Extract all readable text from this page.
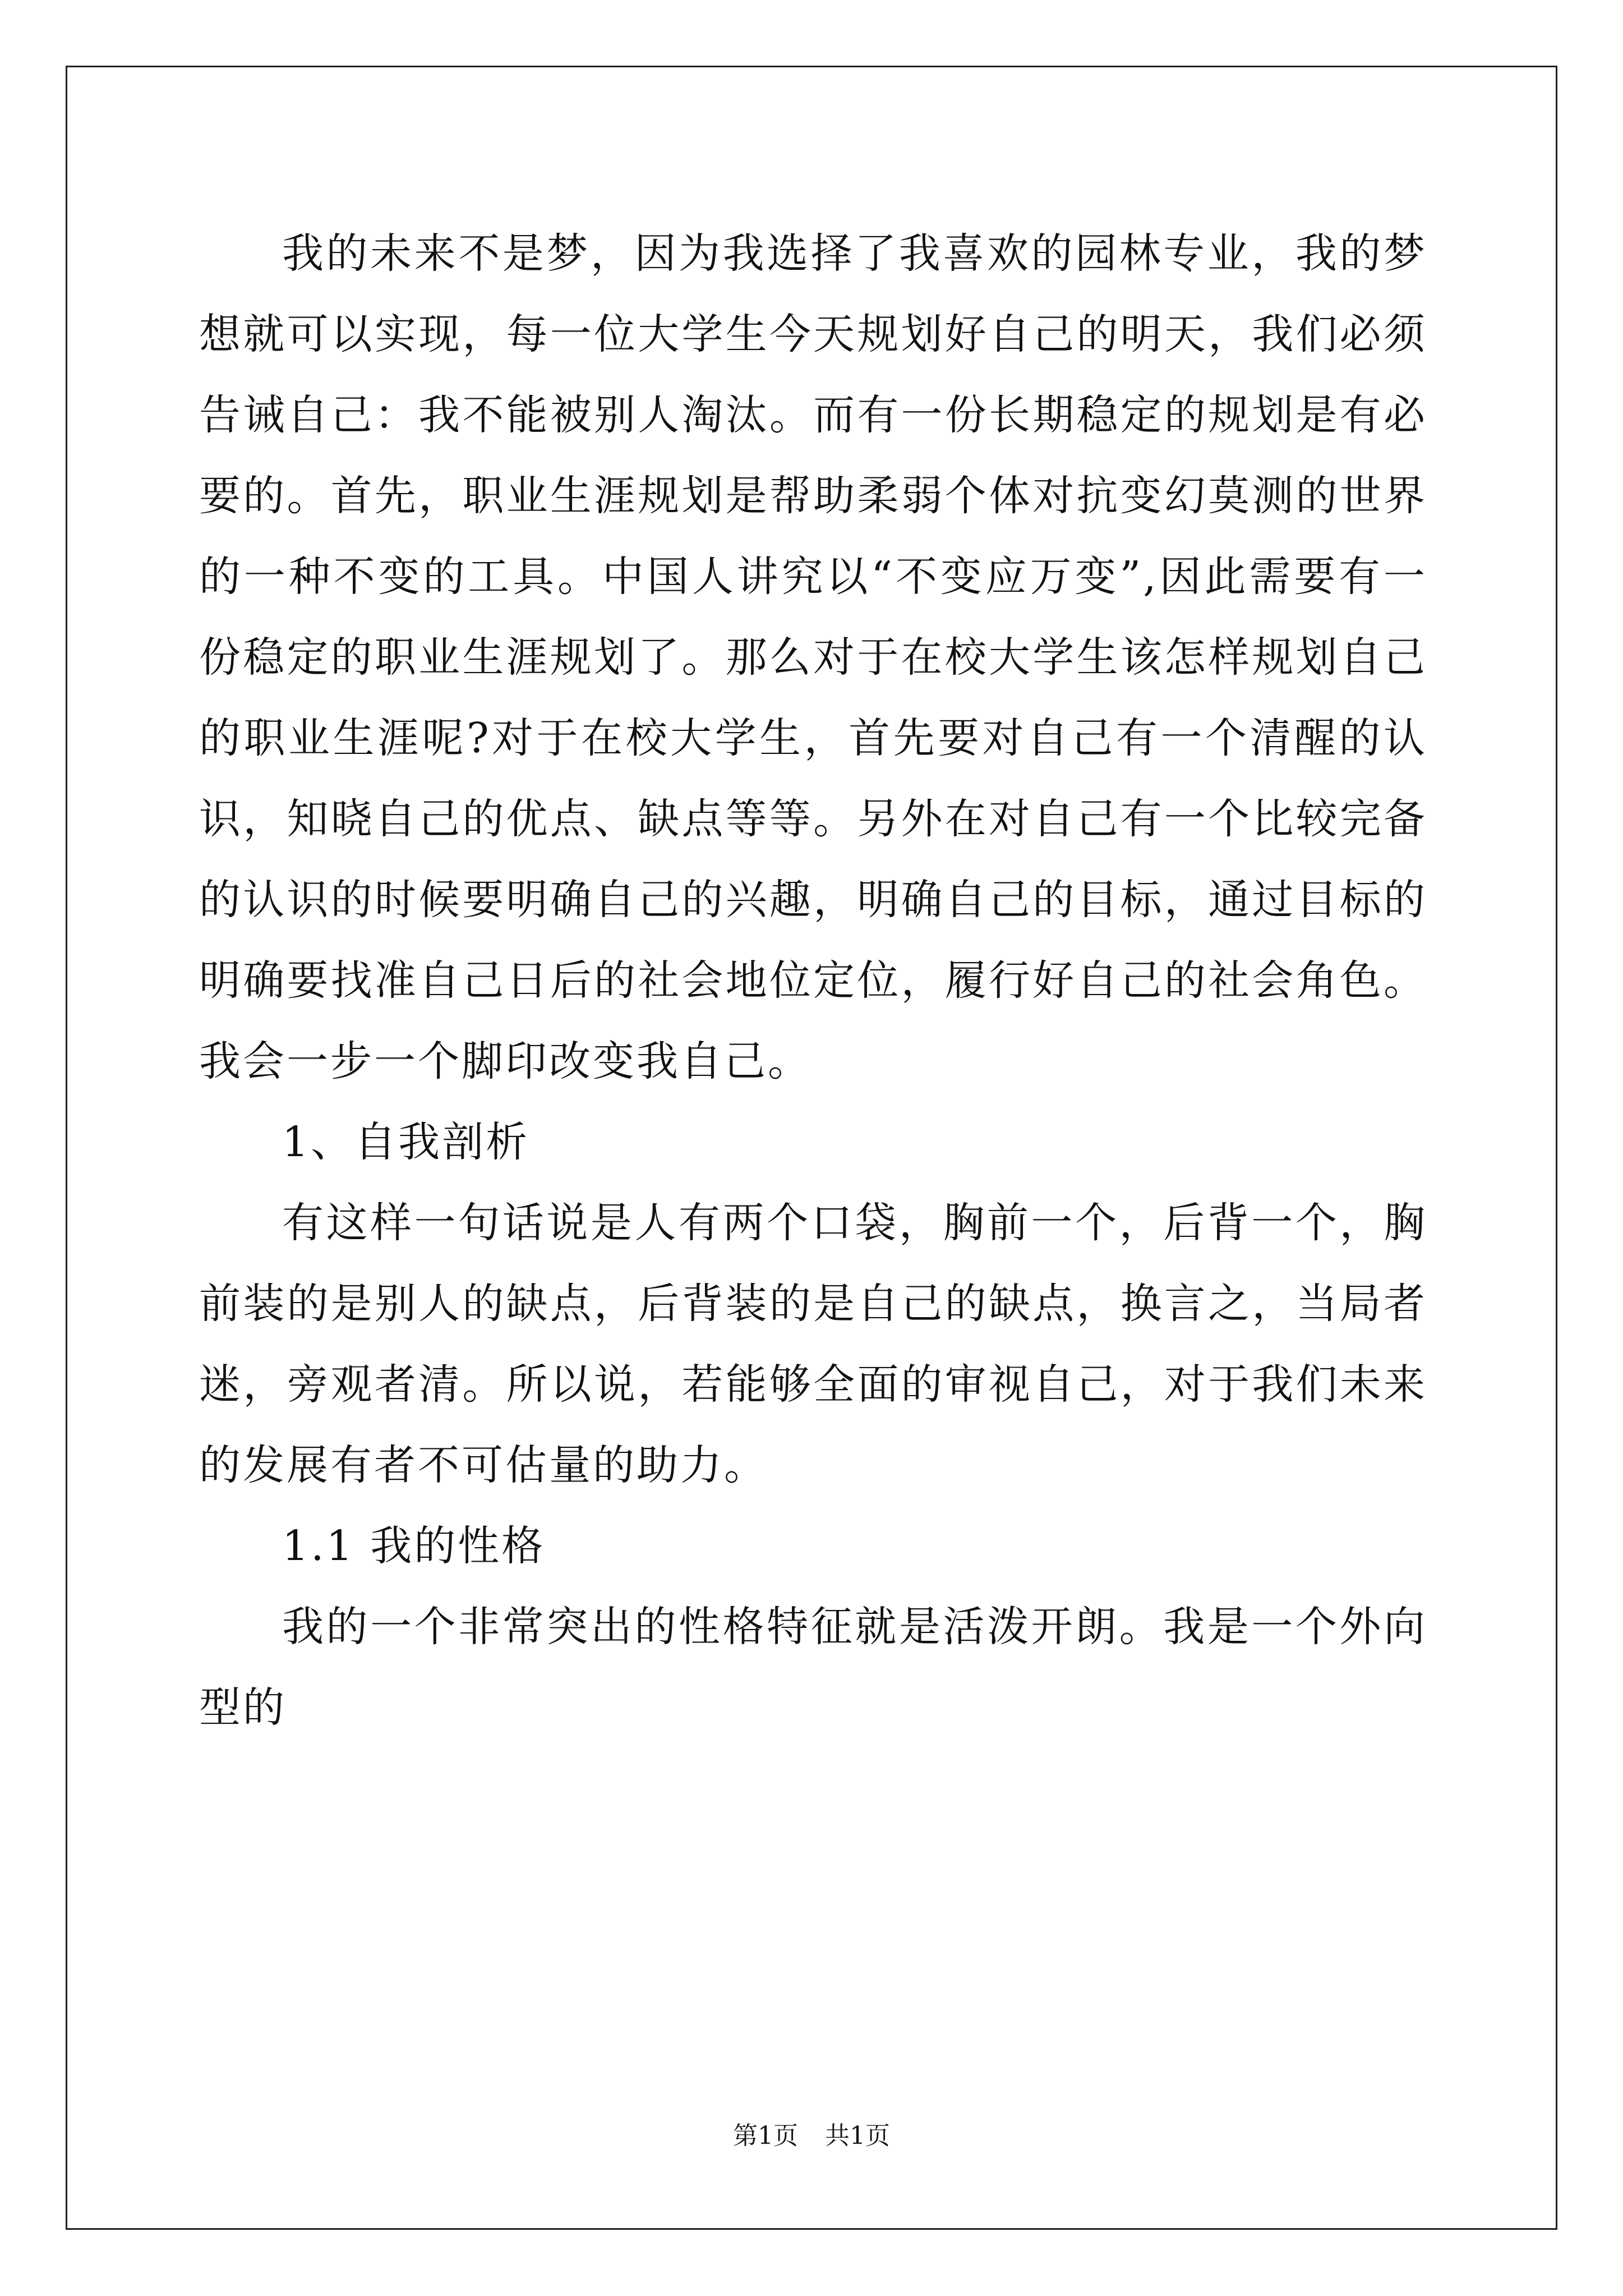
我的未来不是梦，因为我选择了我喜欢的园林专业，我的梦想就可以实现，每一位大学生今天规划好自己的明天，我们必须告诫自己：我不能被别人淘汰。而有一份长期稳定的规划是有必要的。首先，职业生涯规划是帮助柔弱个体对抗变幻莫测的世界的一种不变的工具。中国人讲究以“不变应万变”,因此需要有一份稳定的职业生涯规划了。那么对于在校大学生该怎样规划自己的职业生涯呢?对于在校大学生，首先要对自己有一个清醒的认识，知晓自己的优点、缺点等等。另外在对自己有一个比较完备的认识的时候要明确自己的兴趣，明确自己的目标，通过目标的明确要找准自己日后的社会地位定位，履行好自己的社会角色。我会一步一个脚印改变我自己。

1、自我剖析

有这样一句话说是人有两个口袋，胸前一个，后背一个，胸前装的是别人的缺点，后背装的是自己的缺点，换言之，当局者迷，旁观者清。所以说，若能够全面的审视自己，对于我们未来的发展有者不可估量的助力。

1.1 我的性格

我的一个非常突出的性格特征就是活泼开朗。我是一个外向型的

第1页 共1页
